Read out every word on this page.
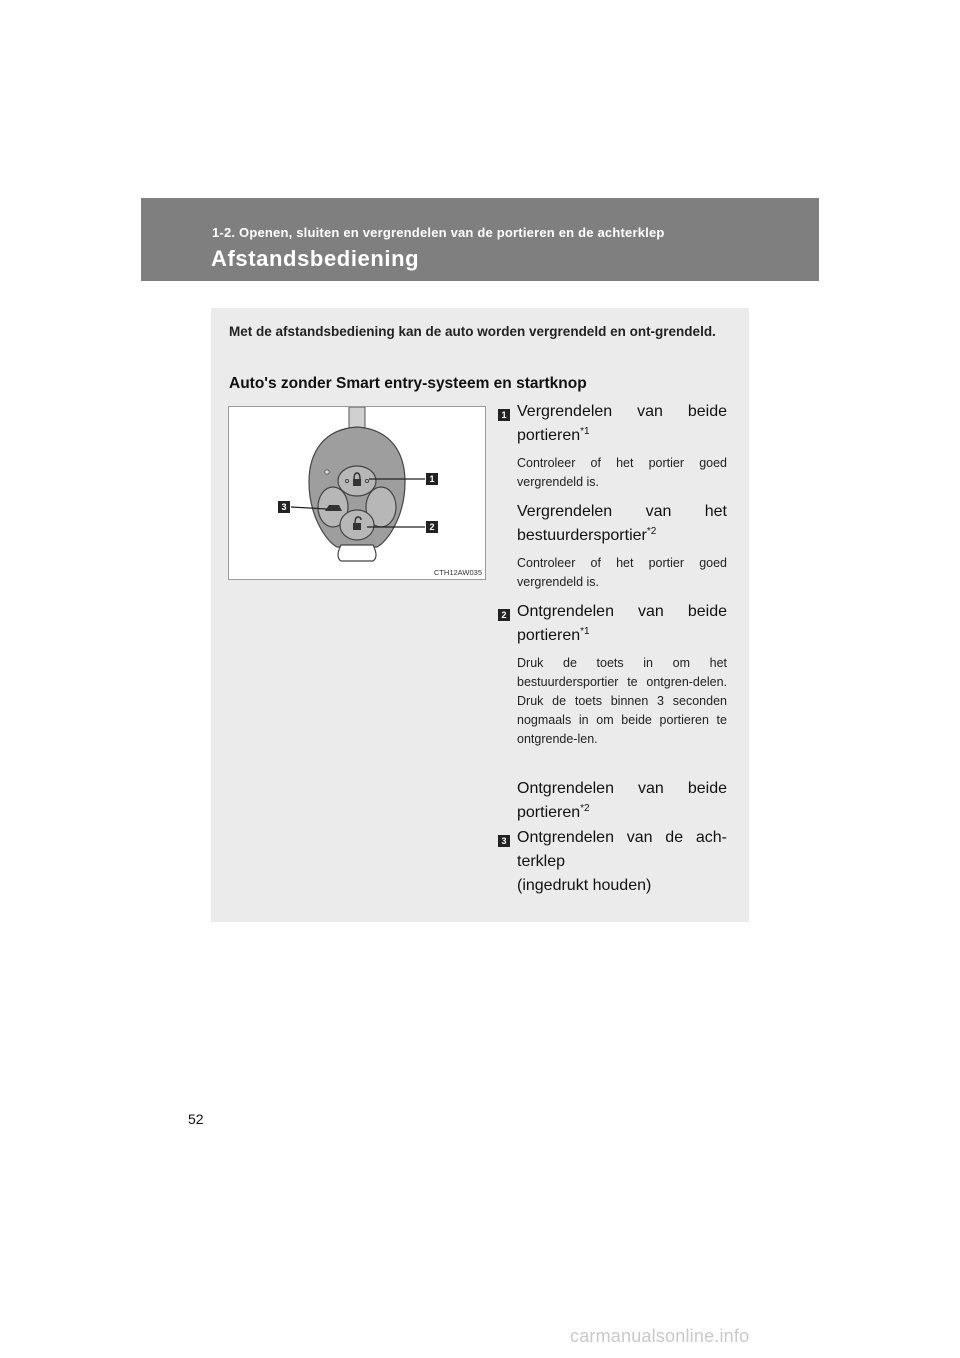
1-2. Openen, sluiten en vergrendelen van de portieren en de achterklep
Afstandsbediening
Met de afstandsbediening kan de auto worden vergrendeld en ont-grendeld.
Auto's zonder Smart entry-systeem en startknop
1
2
3
CTH12AW035
1 Vergrendelen van beide
portieren$^{*1}$
Controleer of het portier goed vergrendeld is.
Vergrendelen van het
bestuurdersportier$^{*2}$
Controleer of het portier goed vergrendeld is.
2 Ontgrendelen van beide
portieren$^{*1}$
Druk de toets in om het bestuurdersportier te ontgren-delen. Druk de toets binnen 3 seconden nogmaals in om beide portieren te ontgrende-len.
Ontgrendelen van beide
portieren$^{*2}$
3 Ontgrendelen van de ach-
terklep
(ingedrukt houden)
52
carmanualsonline.info
